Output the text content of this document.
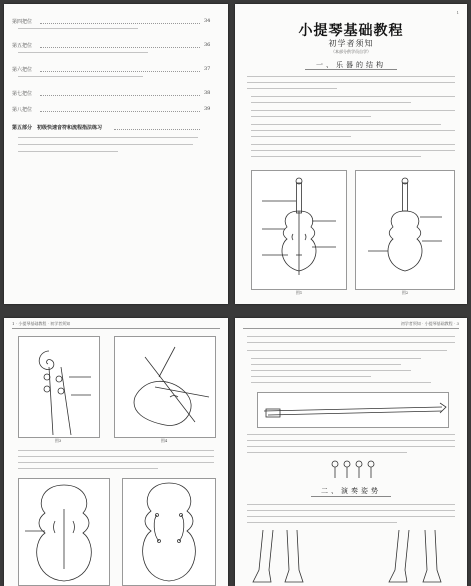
第四把位	34
第五把位	36
第六把位	37
第七把位	38
第八把位	39
第五部分　初级快速音符和流程指法练习
1
小提琴基础教程
初学者须知
（本部分供学员自学）
一、乐器的结构
图1	图2
1 · 小提琴基础教程 · 初学者须知
图3	图4
初学者须知 · 小提琴基础教程 · 3
二、演奏姿势
